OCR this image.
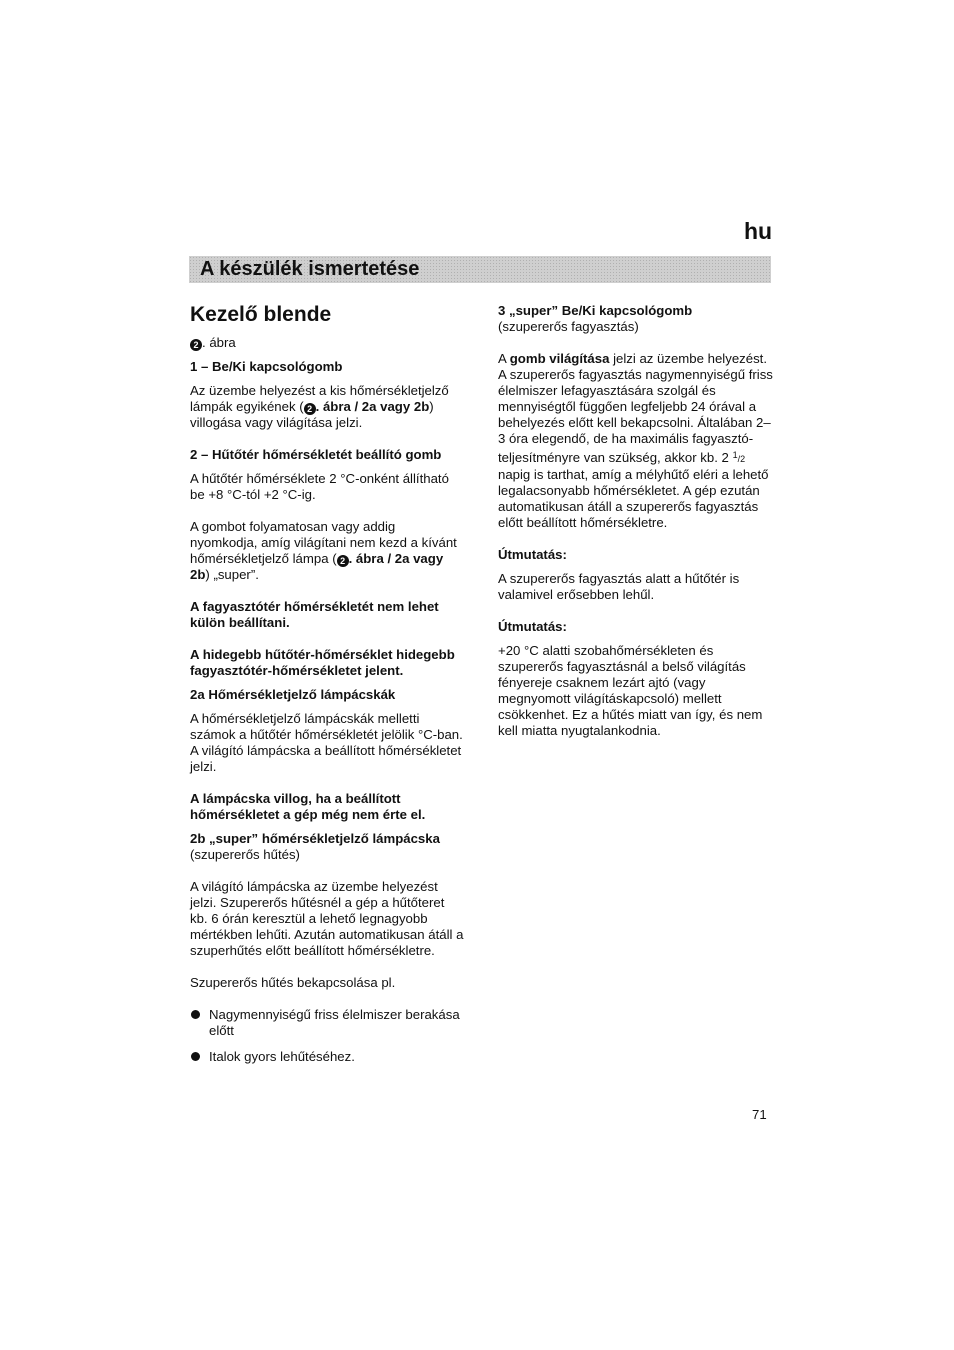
hu
A készülék ismertetése
Kezelő blende

2 . ábra

1 – Be/Ki kapcsológomb

Az üzembe helyezést a kis hőmérsékletjelző lámpák egyikének ( 2 . ábra / 2a vagy 2b) villogása vagy világítása jelzi.

2 – Hűtőtér hőmérsékletét beállító gomb

A hűtőtér hőmérséklete 2 °C-onként állítható be +8 °C-tól +2 °C-ig.

A gombot folyamatosan vagy addig nyomkodja, amíg világítani nem kezd a kívánt hőmérsékletjelző lámpa ( 2 . ábra / 2a vagy 2b) „super”.

A fagyasztótér hőmérsékletét nem lehet külön beállítani.

A hidegebb hűtőtér-hőmérséklet hidegebb fagyasztótér-hőmérsékletet jelent.

2a Hőmérsékletjelző lámpácskák

A hőmérsékletjelző lámpácskák melletti számok a hűtőtér hőmérsékletét jelölik °C-ban. A világító lámpácska a beállított hőmérsékletet jelzi.

A lámpácska villog, ha a beállított hőmérsékletet a gép még nem érte el.

2b „super” hőmérsékletjelző lámpácska

(szupererős hűtés)

A világító lámpácska az üzembe helyezést jelzi. Szupererős hűtésnél a gép a hűtőteret kb. 6 órán keresztül a lehető legnagyobb mértékben lehűti. Azután automatikusan átáll a szuperhűtés előtt beállított hőmérsékletre.

Szupererős hűtés bekapcsolása pl.

Nagymennyiségű friss élelmiszer berakása előtt
Italok gyors lehűtéséhez.

3 „super” Be/Ki kapcsológomb

(szupererős fagyasztás)

A gomb világítása jelzi az üzembe helyezést. A szupererős fagyasztás nagymennyiségű friss élelmiszer lefagyasztására szolgál és mennyiségtől függően legfeljebb 24 órával a behelyezés előtt kell bekapcsolni. Általában 2–3 óra elegendő, de ha maximális fagyasztó-teljesítményre van szükség, akkor kb. 2 $^1$/2 napig is tarthat, amíg a mélyhűtő eléri a lehető legalacsonyabb hőmérsékletet. A gép ezután automatikusan átáll a szupererős fagyasztás előtt beállított hőmérsékletre.

Útmutatás:

A szupererős fagyasztás alatt a hűtőtér is valamivel erősebben lehűl.

Útmutatás:

+20 °C alatti szobahőmérsékleten és szupererős fagyasztásnál a belső világítás fényereje csaknem lezárt ajtó (vagy megnyomott világításkapcsoló) mellett csökkenhet. Ez a hűtés miatt van így, és nem kell miatta nyugtalankodnia.

71
